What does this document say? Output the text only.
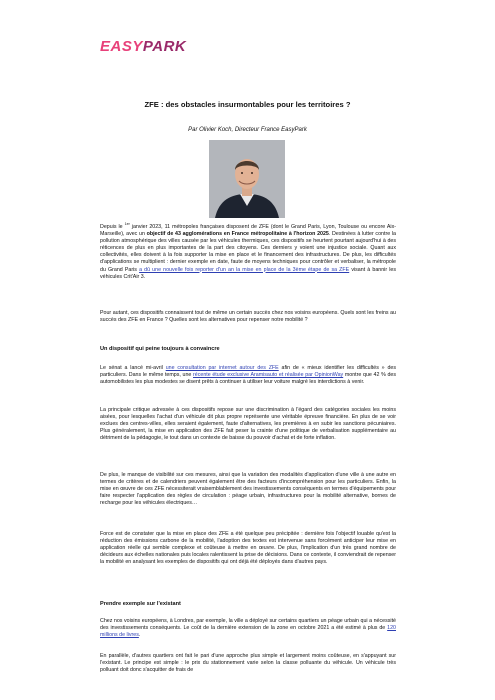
EASYPARK
ZFE : des obstacles insurmontables pour les territoires ?
Par Olivier Koch, Directeur France EasyPark

Depuis le $^{1er}$ janvier 2023, 11 métropoles françaises disposent de ZFE (dont le Grand Paris, Lyon, Toulouse ou encore Aix-Marseille), avec un objectif de 43 agglomérations en France métropolitaine à l'horizon 2025. Destinées à lutter contre la pollution atmosphérique des villes causée par les véhicules thermiques, ces dispositifs se heurtent pourtant aujourd'hui à des réticences de plus en plus importantes de la part des citoyens. Ces derniers y voient une injustice sociale. Quant aux collectivités, elles doivent à la fois supporter la mise en place et le financement des infrastructures. De plus, les difficultés d'applications se multiplient : dernier exemple en date, faute de moyens techniques pour contrôler et verbaliser, la métropole du Grand Paris a dû une nouvelle fois reporter d'un an la mise en place de la 3ème étape de sa ZFE visant à bannir les véhicules Crit'Air 3.

Pour autant, ces dispositifs connaissent tout de même un certain succès chez nos voisins européens. Quels sont les freins au succès des ZFE en France ? Quelles sont les alternatives pour repenser notre mobilité ?

Un dispositif qui peine toujours à convaincre

Le sénat a lancé mi-avril une consultation par internet autour des ZFE afin de « mieux identifier les difficultés » des particuliers. Dans le même temps, une récente étude exclusive Aramisauto et réalisée par OpinionWay montre que 42 % des automobilistes les plus modestes se disent prêts à continuer à utiliser leur voiture malgré les interdictions à venir.

La principale critique adressée à ces dispositifs repose sur une discrimination à l'égard des catégories sociales les moins aisées, pour lesquelles l'achat d'un véhicule dit plus propre représente une véritable épreuve financière. En plus de se voir exclues des centres-villes, elles seraient également, faute d'alternatives, les premières à en subir les sanctions pécuniaires. Plus généralement, la mise en application des ZFE fait peser la crainte d'une politique de verbalisation supplémentaire au détriment de la pédagogie, le tout dans un contexte de baisse du pouvoir d'achat et de forte inflation.

De plus, le manque de visibilité sur ces mesures, ainsi que la variation des modalités d'application d'une ville à une autre en termes de critères et de calendriers peuvent également être des facteurs d'incompréhension pour les particuliers. Enfin, la mise en œuvre de ces ZFE nécessiterait vraisemblablement des investissements conséquents en termes d'équipements pour faire respecter l'application des règles de circulation : péage urbain, infrastructures pour la mobilité alternative, bornes de recharge pour les véhicules électriques…

Force est de constater que la mise en place des ZFE a été quelque peu précipitée : dernière fois l'objectif louable qu'est la réduction des émissions carbone de la mobilité, l'adoption des textes est intervenue sans forcément anticiper leur mise en application réelle qui semble complexe et coûteuse à mettre en œuvre. De plus, l'implication d'un très grand nombre de décideurs aux échelles nationales puis locales ralentissent la prise de décisions. Dans ce contexte, il conviendrait de repenser la mobilité en analysant les exemples de dispositifs qui ont déjà été déployés dans d'autres pays.

Prendre exemple sur l'existant

Chez nos voisins européens, à Londres, par exemple, la ville a déployé sur certains quartiers un péage urbain qui a nécessité des investissements conséquents. Le coût de la dernière extension de la zone en octobre 2021 a été estimé à plus de 120 millions de livres.

En parallèle, d'autres quartiers ont fait le pari d'une approche plus simple et largement moins coûteuse, en s'appuyant sur l'existant. Le principe est simple : le prix du stationnement varie selon la classe polluante du véhicule. Un véhicule très polluant doit donc s'acquitter de frais de
